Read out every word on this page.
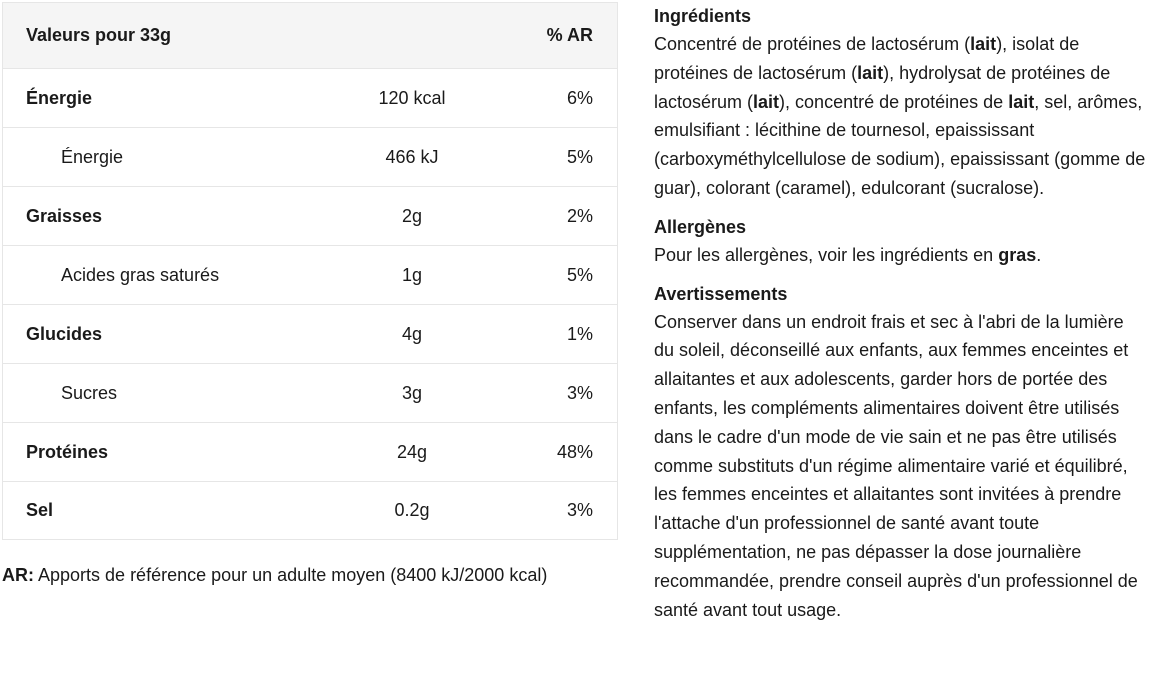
Valeurs pour 33g	% AR
Énergie	120 kcal	6%
Énergie	466 kJ	5%
Graisses	2g	2%
Acides gras saturés	1g	5%
Glucides	4g	1%
Sucres	3g	3%
Protéines	24g	48%
Sel	0.2g	3%
AR: Apports de référence pour un adulte moyen (8400 kJ/2000 kcal)
Ingrédients
Concentré de protéines de lactosérum (lait), isolat de protéines de lactosérum (lait), hydrolysat de protéines de lactosérum (lait), concentré de protéines de lait, sel, arômes, emulsifiant : lécithine de tournesol, epaississant (carboxyméthylcellulose de sodium), epaississant (gomme de guar), colorant (caramel), edulcorant (sucralose).
Allergènes
Pour les allergènes, voir les ingrédients en gras.
Avertissements
Conserver dans un endroit frais et sec à l'abri de la lumière du soleil, déconseillé aux enfants, aux femmes enceintes et allaitantes et aux adolescents, garder hors de portée des enfants, les compléments alimentaires doivent être utilisés dans le cadre d'un mode de vie sain et ne pas être utilisés comme substituts d'un régime alimentaire varié et équilibré, les femmes enceintes et allaitantes sont invitées à prendre l'attache d'un professionnel de santé avant toute supplémentation, ne pas dépasser la dose journalière recommandée, prendre conseil auprès d'un professionnel de santé avant tout usage.
